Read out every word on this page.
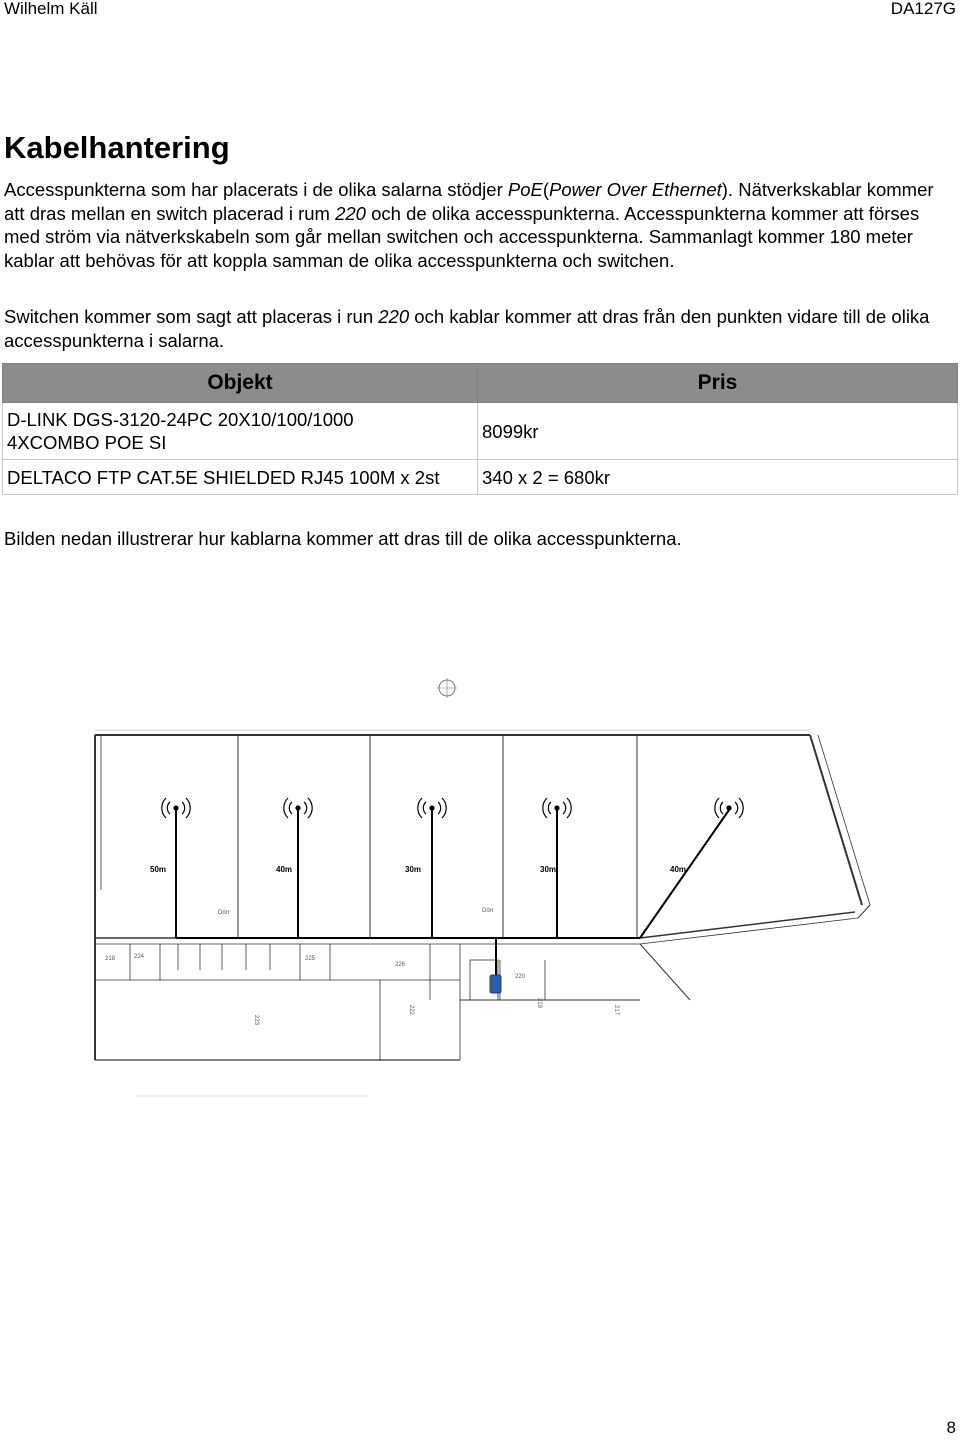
Wilhelm Käll	DA127G
Kabelhantering

Accesspunkterna som har placerats i de olika salarna stödjer PoE(Power Over Ethernet). Nätverkskablar kommer att dras mellan en switch placerad i rum 220 och de olika accesspunkterna. Accesspunkterna kommer att förses med ström via nätverkskabeln som går mellan switchen och accesspunkterna. Sammanlagt kommer 180 meter kablar att behövas för att koppla samman de olika accesspunkterna och switchen.

Switchen kommer som sagt att placeras i run 220 och kablar kommer att dras från den punkten vidare till de olika accesspunkterna i salarna.

Objekt	Pris
D-LINK DGS-3120-24PC 20X10/100/1000
4XCOMBO POE SI	8099kr
DELTACO FTP CAT.5E SHIELDED RJ45 100M x 2st	340 x 2 = 680kr

Bilden nedan illustrerar hur kablarna kommer att dras till de olika accesspunkterna.

218	224	225
226
223
222
220
219
217
Dörr	Dörr
50m	40m	30m	30m	40m
8
